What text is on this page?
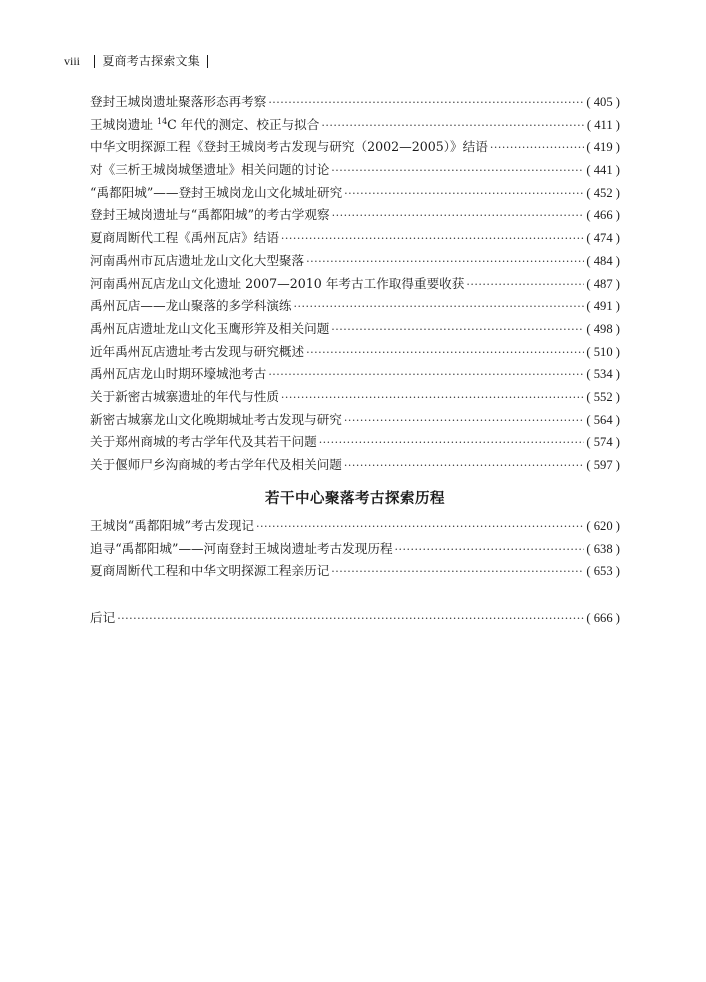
viii 夏商考古探索文集
登封王城岗遗址聚落形态再考察 ·····	( 405 )
王城岗遗址 $^{14}$C 年代的测定、校正与拟合 ·····	( 411 )
中华文明探源工程《登封王城岗考古发现与研究（2002—2005）》结语 ·····	( 419 )
对《三析王城岗城堡遗址》相关问题的讨论 ·····	( 441 )
“禹都阳城”——登封王城岗龙山文化城址研究 ·····	( 452 )
登封王城岗遗址与“禹都阳城”的考古学观察 ·····	( 466 )
夏商周断代工程《禹州瓦店》结语 ·····	( 474 )
河南禹州市瓦店遗址龙山文化大型聚落 ·····	( 484 )
河南禹州瓦店龙山文化遗址 2007—2010 年考古工作取得重要收获 ·····	( 487 )
禹州瓦店——龙山聚落的多学科演练 ·····	( 491 )
禹州瓦店遗址龙山文化玉鹰形笄及相关问题 ·····	( 498 )
近年禹州瓦店遗址考古发现与研究概述 ·····	( 510 )
禹州瓦店龙山时期环壕城池考古 ·····	( 534 )
关于新密古城寨遗址的年代与性质 ·····	( 552 )
新密古城寨龙山文化晚期城址考古发现与研究 ·····	( 564 )
关于郑州商城的考古学年代及其若干问题 ·····	( 574 )
关于偃师尸乡沟商城的考古学年代及相关问题 ·····	( 597 )
若干中心聚落考古探索历程
王城岗“禹都阳城”考古发现记 ·····	( 620 )
追寻“禹都阳城”——河南登封王城岗遗址考古发现历程 ·····	( 638 )
夏商周断代工程和中华文明探源工程亲历记 ·····	( 653 )
后记 ·····	( 666 )
